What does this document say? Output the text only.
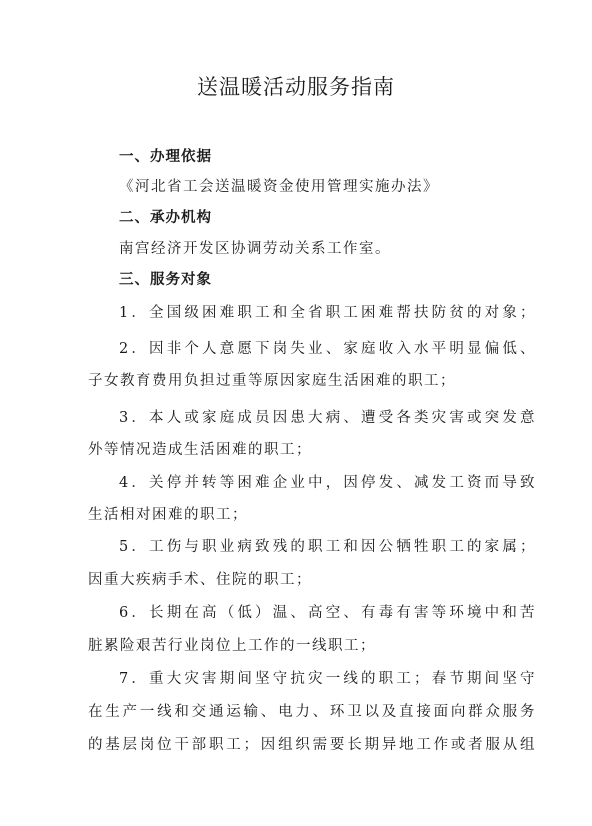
送温暖活动服务指南
一、办理依据
《河北省工会送温暖资金使用管理实施办法》
二、承办机构
南宫经济开发区协调劳动关系工作室。
三、服务对象
1．全国级困难职工和全省职工困难帮扶防贫的对象；
2．因非个人意愿下岗失业、家庭收入水平明显偏低、
子女教育费用负担过重等原因家庭生活困难的职工；
3．本人或家庭成员因患大病、遭受各类灾害或突发意
外等情况造成生活困难的职工；
4．关停并转等困难企业中，因停发、减发工资而导致
生活相对困难的职工；
5．工伤与职业病致残的职工和因公牺牲职工的家属；
因重大疾病手术、住院的职工；
6．长期在高（低）温、高空、有毒有害等环境中和苦
脏累险艰苦行业岗位上工作的一线职工；
7．重大灾害期间坚守抗灾一线的职工；春节期间坚守
在生产一线和交通运输、电力、环卫以及直接面向群众服务
的基层岗位干部职工；因组织需要长期异地工作或者服从组
